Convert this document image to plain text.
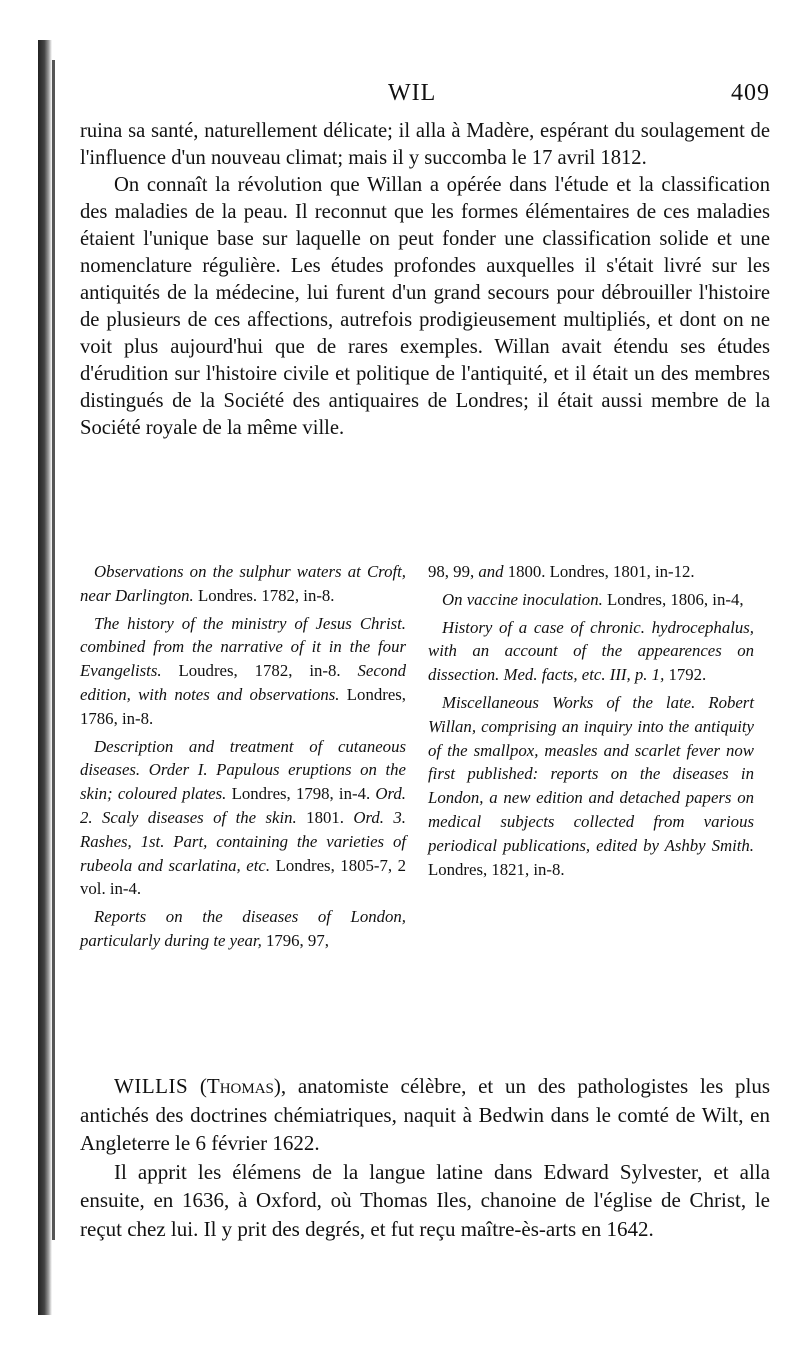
WIL	409

ruina sa santé, naturellement délicate; il alla à Madère, espérant du soulagement de l'influence d'un nouveau climat; mais il y succomba le 17 avril 1812.

On connaît la révolution que Willan a opérée dans l'étude et la classification des maladies de la peau. Il reconnut que les formes élémentaires de ces maladies étaient l'unique base sur laquelle on peut fonder une classification solide et une nomenclature régulière. Les études profondes auxquelles il s'était livré sur les antiquités de la médecine, lui furent d'un grand secours pour débrouiller l'histoire de plusieurs de ces affections, autrefois prodigieusement multipliés, et dont on ne voit plus aujourd'hui que de rares exemples. Willan avait étendu ses études d'érudition sur l'histoire civile et politique de l'antiquité, et il était un des membres distingués de la Société des antiquaires de Londres; il était aussi membre de la Société royale de la même ville.

Observations on the sulphur waters at Croft, near Darlington. Londres. 1782, in-8.

The history of the ministry of Jesus Christ. combined from the narrative of it in the four Evangelists. Loudres, 1782, in-8. Second edition, with notes and observations. Londres, 1786, in-8.

Description and treatment of cutaneous diseases. Order I. Papulous eruptions on the skin; coloured plates. Londres, 1798, in-4. Ord. 2. Scaly diseases of the skin. 1801. Ord. 3. Rashes, 1st. Part, containing the varieties of rubeola and scarlatina, etc. Londres, 1805-7, 2 vol. in-4.

Reports on the diseases of London, particularly during te year, 1796, 97,

98, 99, and 1800. Londres, 1801, in-12.

On vaccine inoculation. Londres, 1806, in-4,

History of a case of chronic. hydrocephalus, with an account of the appearences on dissection. Med. facts, etc. III, p. 1, 1792.

Miscellaneous Works of the late. Robert Willan, comprising an inquiry into the antiquity of the smallpox, measles and scarlet fever now first published: reports on the diseases in London, a new edition and detached papers on medical subjects collected from various periodical publications, edited by Ashby Smith. Londres, 1821, in-8.

WILLIS (Thomas), anatomiste célèbre, et un des pathologistes les plus antichés des doctrines chémiatriques, naquit à Bedwin dans le comté de Wilt, en Angleterre le 6 février 1622.

Il apprit les élémens de la langue latine dans Edward Sylvester, et alla ensuite, en 1636, à Oxford, où Thomas Iles, chanoine de l'église de Christ, le reçut chez lui. Il y prit des degrés, et fut reçu maître-ès-arts en 1642.
